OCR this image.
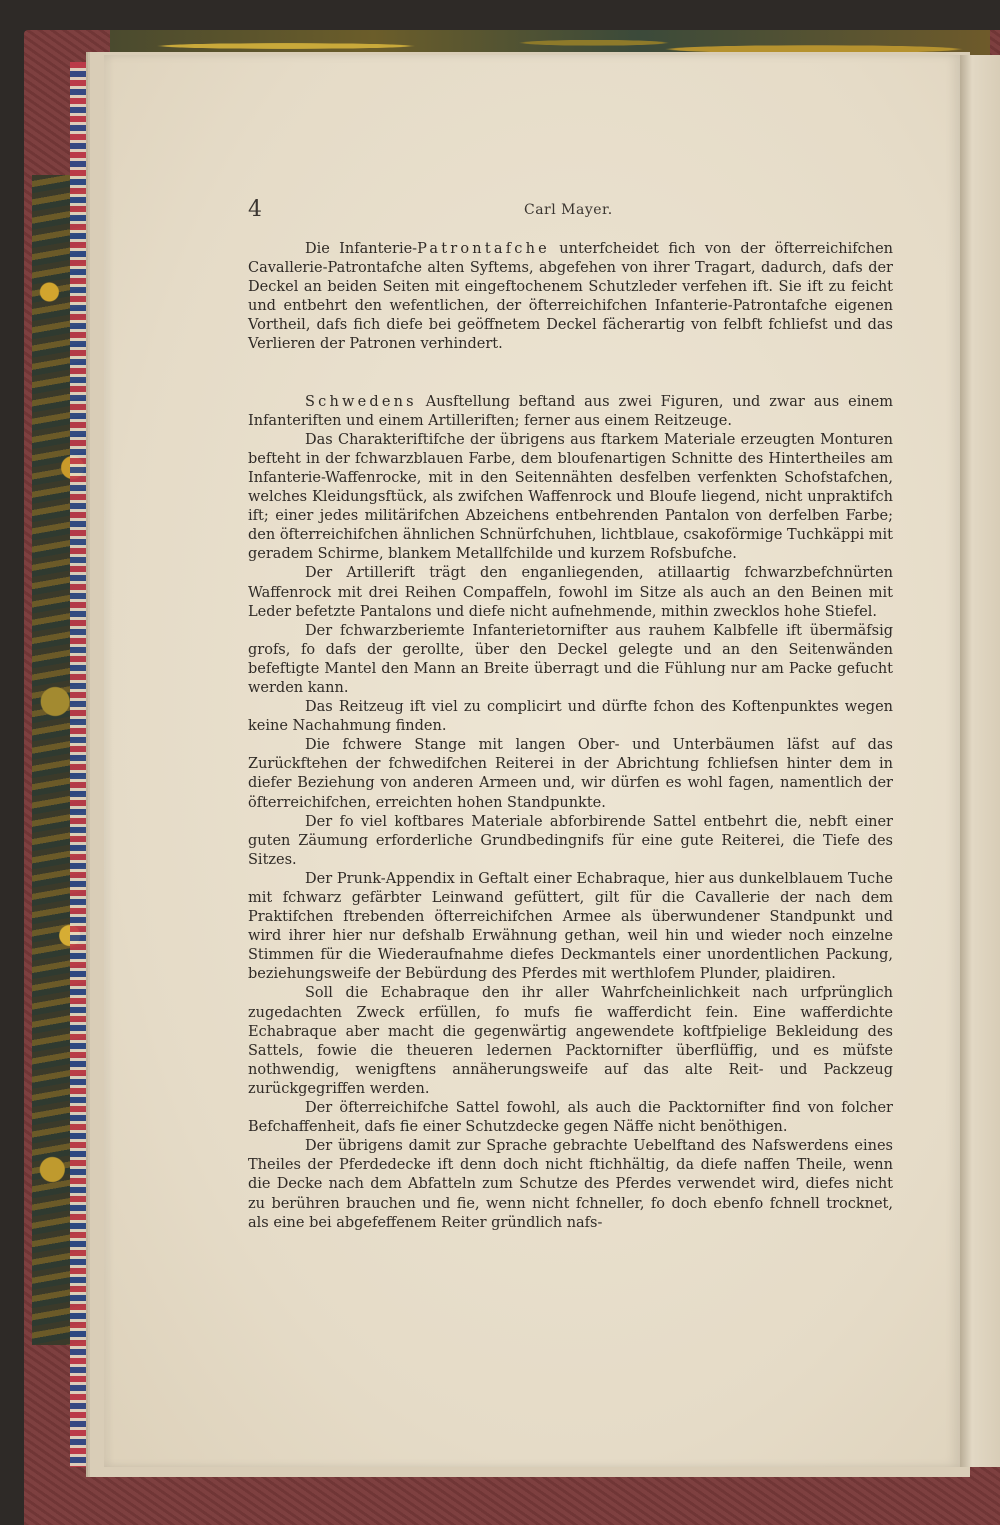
4	Carl Mayer.

Die Infanterie-Patrontafche unterfcheidet fich von der öfterreichifchen Cavallerie-Patrontafche alten Syftems, abgefehen von ihrer Tragart, dadurch, dafs der Deckel an beiden Seiten mit eingeftochenem Schutzleder verfehen ift. Sie ift zu feicht und entbehrt den wefentlichen, der öfterreichifchen Infanterie-Patrontafche eigenen Vortheil, dafs fich diefe bei geöffnetem Deckel fächerartig von felbft fchliefst und das Verlieren der Patronen verhindert.

Schwedens Ausftellung beftand aus zwei Figuren, und zwar aus einem Infanteriften und einem Artilleriften; ferner aus einem Reitzeuge.

Das Charakteriftifche der übrigens aus ftarkem Materiale erzeugten Monturen befteht in der fchwarzblauen Farbe, dem bloufenartigen Schnitte des Hintertheiles am Infanterie-Waffenrocke, mit in den Seitennähten desfelben verfenkten Schofstafchen, welches Kleidungsftück, als zwifchen Waffenrock und Bloufe liegend, nicht unpraktifch ift; einer jedes militärifchen Abzeichens entbehrenden Pantalon von derfelben Farbe; den öfterreichifchen ähnlichen Schnürfchuhen, lichtblaue, csakoförmige Tuchkäppi mit geradem Schirme, blankem Metallfchilde und kurzem Rofsbufche.

Der Artillerift trägt den enganliegenden, atillaartig fchwarzbefchnürten Waffenrock mit drei Reihen Compaffeln, fowohl im Sitze als auch an den Beinen mit Leder befetzte Pantalons und diefe nicht aufnehmende, mithin zwecklos hohe Stiefel.

Der fchwarzberiemte Infanterietornifter aus rauhem Kalbfelle ift übermäfsig grofs, fo dafs der gerollte, über den Deckel gelegte und an den Seitenwänden befeftigte Mantel den Mann an Breite überragt und die Fühlung nur am Packe gefucht werden kann.

Das Reitzeug ift viel zu complicirt und dürfte fchon des Koftenpunktes wegen keine Nachahmung finden.

Die fchwere Stange mit langen Ober- und Unterbäumen läfst auf das Zurückftehen der fchwedifchen Reiterei in der Abrichtung fchliefsen hinter dem in diefer Beziehung von anderen Armeen und, wir dürfen es wohl fagen, namentlich der öfterreichifchen, erreichten hohen Standpunkte.

Der fo viel koftbares Materiale abforbirende Sattel entbehrt die, nebft einer guten Zäumung erforderliche Grundbedingnifs für eine gute Reiterei, die Tiefe des Sitzes.

Der Prunk-Appendix in Geftalt einer Echabraque, hier aus dunkelblauem Tuche mit fchwarz gefärbter Leinwand gefüttert, gilt für die Cavallerie der nach dem Praktifchen ftrebenden öfterreichifchen Armee als überwundener Standpunkt und wird ihrer hier nur defshalb Erwähnung gethan, weil hin und wieder noch einzelne Stimmen für die Wiederaufnahme diefes Deckmantels einer unordentlichen Packung, beziehungsweife der Bebürdung des Pferdes mit werthlofem Plunder, plaidiren.

Soll die Echabraque den ihr aller Wahrfcheinlichkeit nach urfprünglich zugedachten Zweck erfüllen, fo mufs fie wafferdicht fein. Eine wafferdichte Echabraque aber macht die gegenwärtig angewendete koftfpielige Bekleidung des Sattels, fowie die theueren ledernen Packtornifter überflüffig, und es müfste nothwendig, wenigftens annäherungsweife auf das alte Reit- und Packzeug zurückgegriffen werden.

Der öfterreichifche Sattel fowohl, als auch die Packtornifter find von folcher Befchaffenheit, dafs fie einer Schutzdecke gegen Näffe nicht benöthigen.

Der übrigens damit zur Sprache gebrachte Uebelftand des Nafswerdens eines Theiles der Pferdedecke ift denn doch nicht ftichhältig, da diefe naffen Theile, wenn die Decke nach dem Abfatteln zum Schutze des Pferdes verwendet wird, diefes nicht zu berühren brauchen und fie, wenn nicht fchneller, fo doch ebenfo fchnell trocknet, als eine bei abgefeffenem Reiter gründlich nafs-
